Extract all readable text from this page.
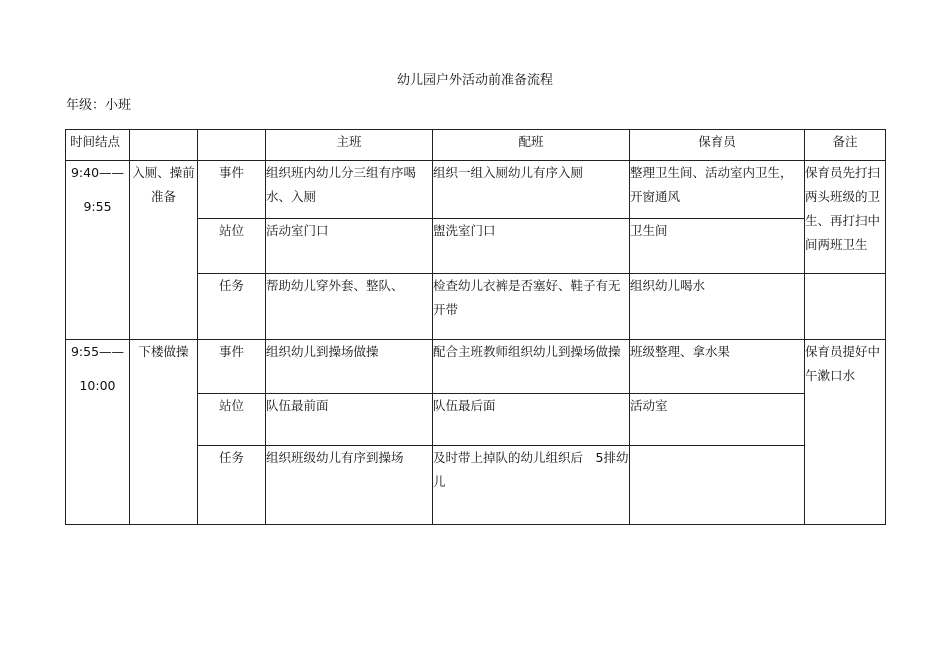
幼儿园户外活动前准备流程
年级：小班
时间结点			主班	配班	保育员	备注

9:40——
9:55	入厕、操前准备	事件	组织班内幼儿分三组有序喝水、入厕	组织一组入厕幼儿有序入厕	整理卫生间、活动室内卫生，开窗通风	保育员先打扫两头班级的卫生、再打扫中间两班卫生
		站位	活动室门口	盥洗室门口	卫生间	
		任务	帮助幼儿穿外套、整队、	检查幼儿衣裤是否塞好、鞋子有无开带	组织幼儿喝水	

9:55——
10:00	下楼做操	事件	组织幼儿到操场做操	配合主班教师组织幼儿到操场做操	班级整理、拿水果	保育员提好中午漱口水
		站位	队伍最前面	队伍最后面	活动室	
		任务	组织班级幼儿有序到操场	及时带上掉队的幼儿组织后　5排幼儿		
